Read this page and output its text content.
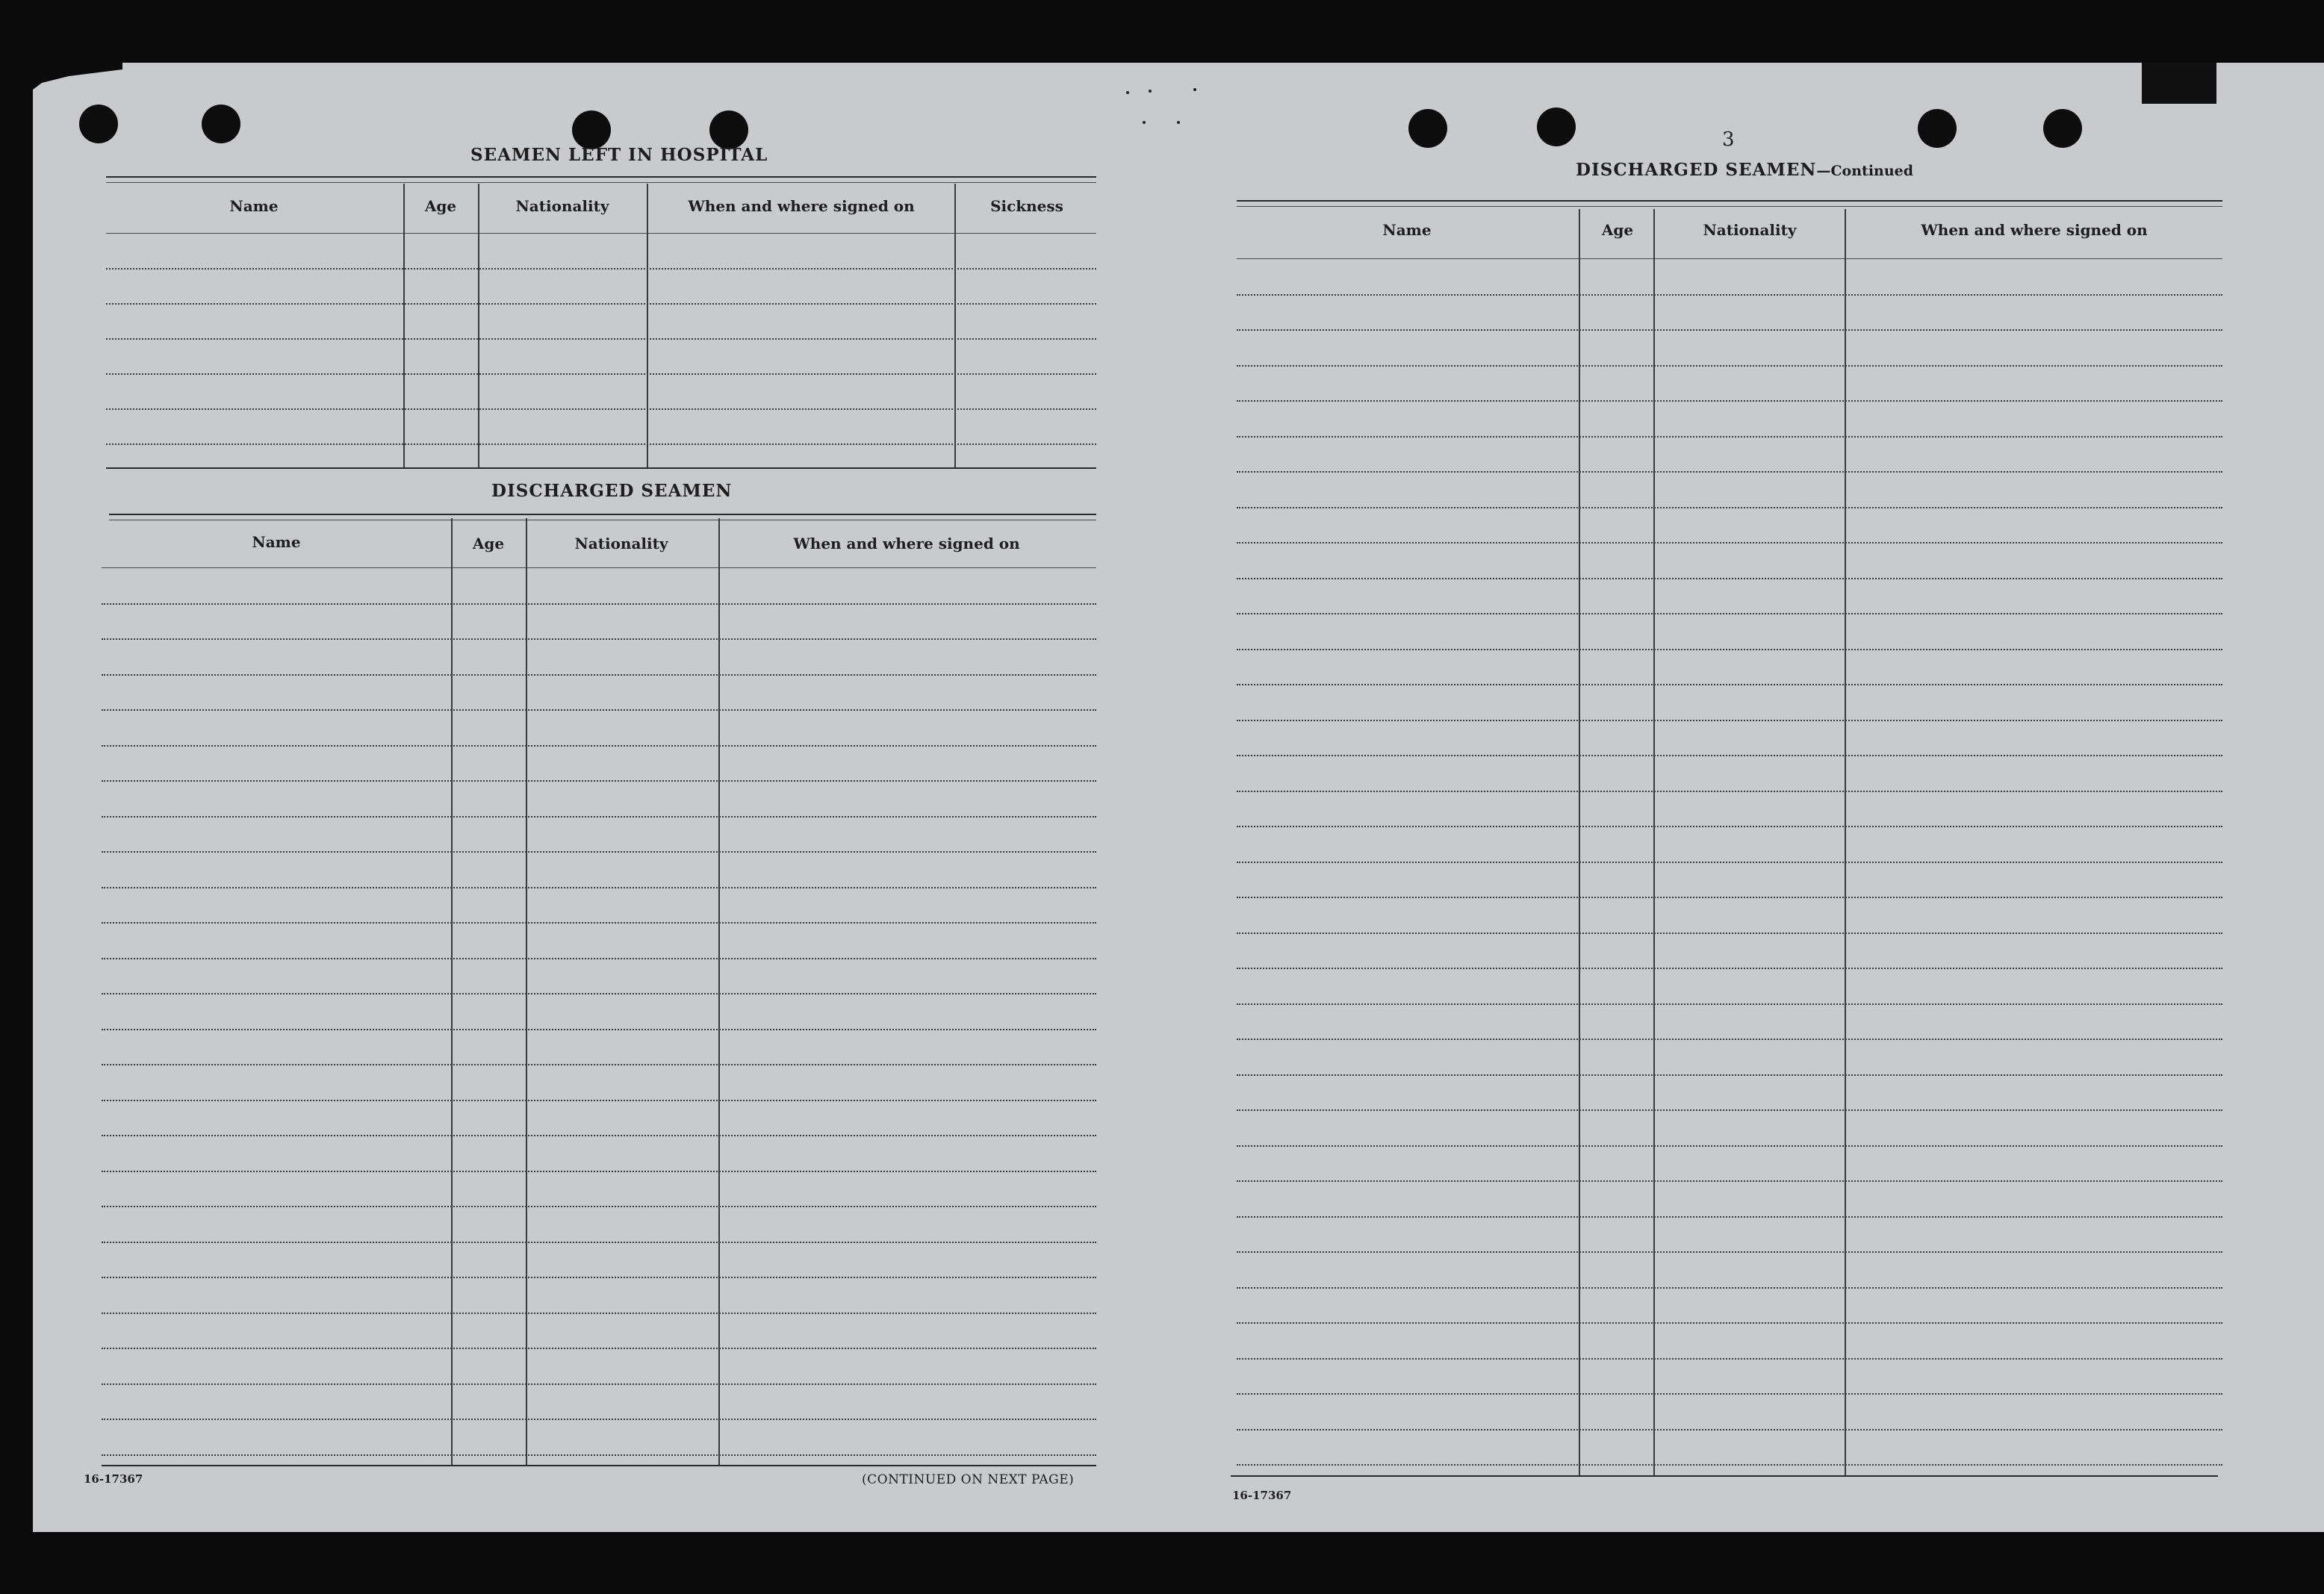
SEAMEN LEFT IN HOSPITAL
Name	Age	Nationality	When and where signed on	Sickness
DISCHARGED SEAMEN
Name	Age	Nationality	When and where signed on
16-17367	(CONTINUED ON NEXT PAGE)
3
DISCHARGED SEAMEN—Continued
Name	Age	Nationality	When and where signed on
16-17367
